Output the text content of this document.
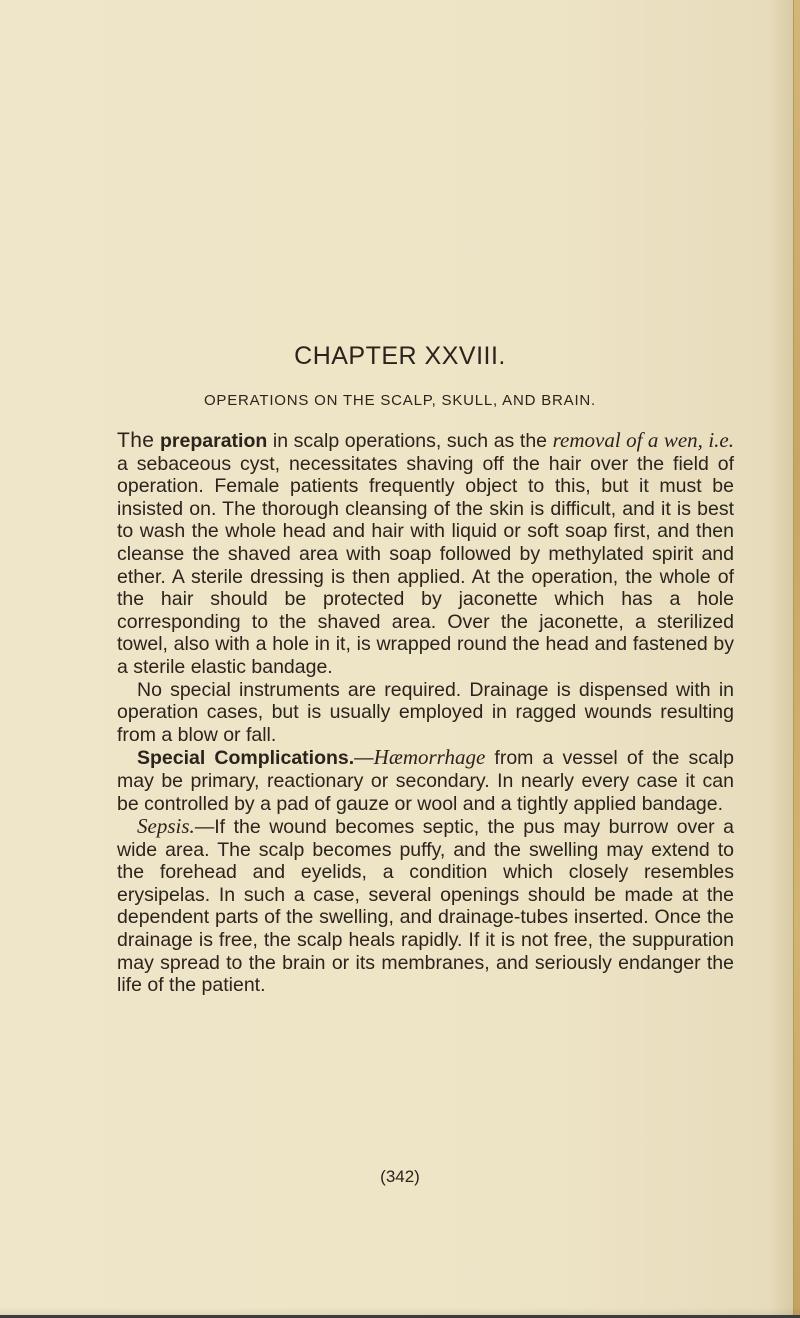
CHAPTER XXVIII.
OPERATIONS ON THE SCALP, SKULL, AND BRAIN.

The preparation in scalp operations, such as the removal of a wen, i.e. a sebaceous cyst, necessitates shaving off the hair over the field of operation. Female patients frequently object to this, but it must be insisted on. The thorough cleansing of the skin is difficult, and it is best to wash the whole head and hair with liquid or soft soap first, and then cleanse the shaved area with soap followed by methylated spirit and ether. A sterile dressing is then applied. At the operation, the whole of the hair should be protected by jaconette which has a hole corresponding to the shaved area. Over the jaconette, a sterilized towel, also with a hole in it, is wrapped round the head and fastened by a sterile elastic bandage.

No special instruments are required. Drainage is dispensed with in operation cases, but is usually employed in ragged wounds resulting from a blow or fall.

Special Complications.—Hæmorrhage from a vessel of the scalp may be primary, reactionary or secondary. In nearly every case it can be controlled by a pad of gauze or wool and a tightly applied bandage.

Sepsis.—If the wound becomes septic, the pus may burrow over a wide area. The scalp becomes puffy, and the swelling may extend to the forehead and eyelids, a condition which closely resembles erysipelas. In such a case, several openings should be made at the dependent parts of the swelling, and drainage-tubes inserted. Once the drainage is free, the scalp heals rapidly. If it is not free, the suppuration may spread to the brain or its membranes, and seriously endanger the life of the patient.

(342)
